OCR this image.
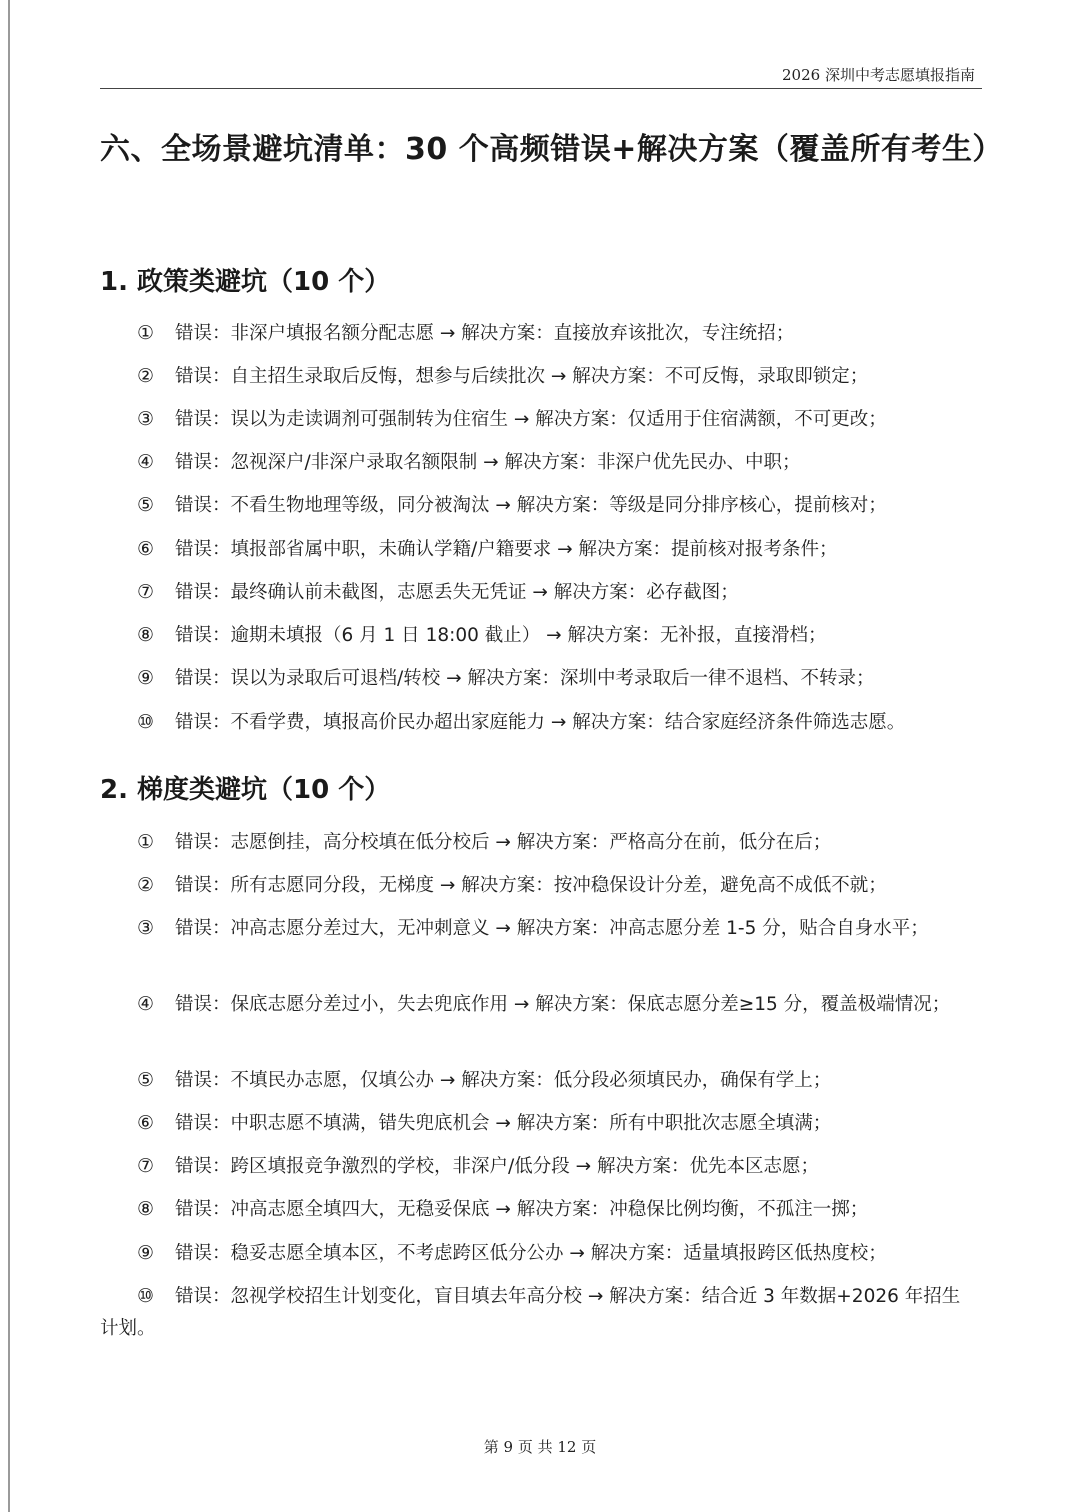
2026 深圳中考志愿填报指南
六、全场景避坑清单：30 个高频错误+解决方案（覆盖所有考生）
1. 政策类避坑（10 个）
① 错误：非深户填报名额分配志愿 → 解决方案：直接放弃该批次，专注统招；
② 错误：自主招生录取后反悔，想参与后续批次 → 解决方案：不可反悔，录取即锁定；
③ 错误：误以为走读调剂可强制转为住宿生 → 解决方案：仅适用于住宿满额，不可更改；
④ 错误：忽视深户/非深户录取名额限制 → 解决方案：非深户优先民办、中职；
⑤ 错误：不看生物地理等级，同分被淘汰 → 解决方案：等级是同分排序核心，提前核对；
⑥ 错误：填报部省属中职，未确认学籍/户籍要求 → 解决方案：提前核对报考条件；
⑦ 错误：最终确认前未截图，志愿丢失无凭证 → 解决方案：必存截图；
⑧ 错误：逾期未填报（6 月 1 日 18:00 截止） → 解决方案：无补报，直接滑档；
⑨ 错误：误以为录取后可退档/转校 → 解决方案：深圳中考录取后一律不退档、不转录；
⑩ 错误：不看学费，填报高价民办超出家庭能力 → 解决方案：结合家庭经济条件筛选志愿。
2. 梯度类避坑（10 个）
① 错误：志愿倒挂，高分校填在低分校后 → 解决方案：严格高分在前，低分在后；
② 错误：所有志愿同分段，无梯度 → 解决方案：按冲稳保设计分差，避免高不成低不就；
③ 错误：冲高志愿分差过大，无冲刺意义 → 解决方案：冲高志愿分差 1-5 分，贴合自身水平；
④ 错误：保底志愿分差过小，失去兜底作用 → 解决方案：保底志愿分差≥15 分，覆盖极端情况；
⑤ 错误：不填民办志愿，仅填公办 → 解决方案：低分段必须填民办，确保有学上；
⑥ 错误：中职志愿不填满，错失兜底机会 → 解决方案：所有中职批次志愿全填满；
⑦ 错误：跨区填报竞争激烈的学校，非深户/低分段 → 解决方案：优先本区志愿；
⑧ 错误：冲高志愿全填四大，无稳妥保底 → 解决方案：冲稳保比例均衡，不孤注一掷；
⑨ 错误：稳妥志愿全填本区，不考虑跨区低分公办 → 解决方案：适量填报跨区低热度校；
⑩ 错误：忽视学校招生计划变化，盲目填去年高分校 → 解决方案：结合近 3 年数据+2026 年招生计划。
第 9 页 共 12 页
